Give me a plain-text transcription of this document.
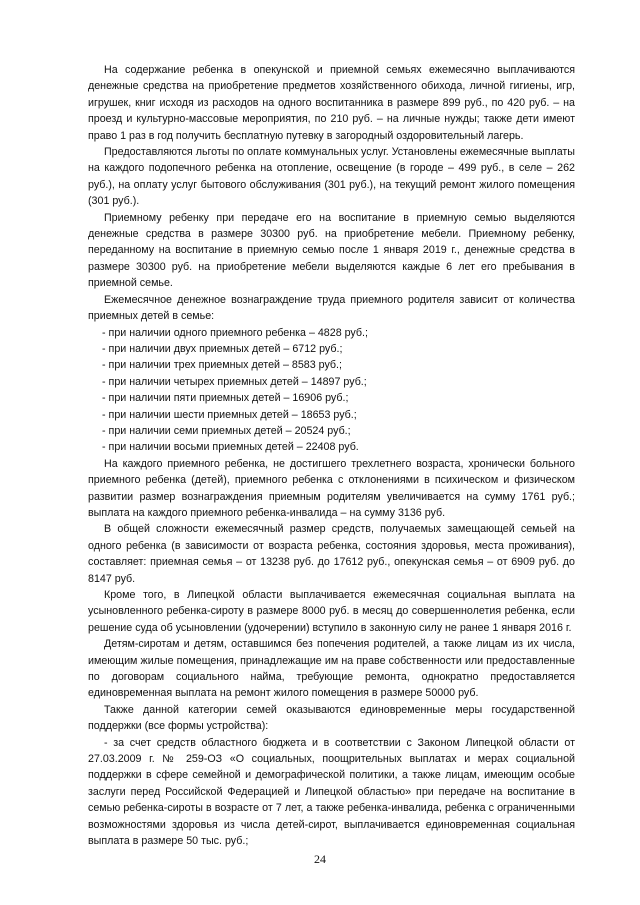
На содержание ребенка в опекунской и приемной семьях ежемесячно выплачиваются денежные средства на приобретение предметов хозяйственного обихода, личной гигиены, игр, игрушек, книг исходя из расходов на одного воспитанника в размере 899 руб., по 420 руб. – на проезд и культурно-массовые мероприятия, по 210 руб. – на личные нужды; также дети имеют право 1 раз в год получить бесплатную путевку в загородный оздоровительный лагерь.

Предоставляются льготы по оплате коммунальных услуг. Установлены ежемесячные выплаты на каждого подопечного ребенка на отопление, освещение (в городе – 499 руб., в селе – 262 руб.), на оплату услуг бытового обслуживания (301 руб.), на текущий ремонт жилого помещения (301 руб.).

Приемному ребенку при передаче его на воспитание в приемную семью выделяются денежные средства в размере 30300 руб. на приобретение мебели. Приемному ребенку, переданному на воспитание в приемную семью после 1 января 2019 г., денежные средства в размере 30300 руб. на приобретение мебели выделяются каждые 6 лет его пребывания в приемной семье.

Ежемесячное денежное вознаграждение труда приемного родителя зависит от количества приемных детей в семье:

- при наличии одного приемного ребенка – 4828 руб.;

- при наличии двух приемных детей – 6712 руб.;

- при наличии трех приемных детей – 8583 руб.;

- при наличии четырех приемных детей – 14897 руб.;

- при наличии пяти приемных детей – 16906 руб.;

- при наличии шести приемных детей – 18653 руб.;

- при наличии семи приемных детей – 20524 руб.;

- при наличии восьми приемных детей – 22408 руб.

На каждого приемного ребенка, не достигшего трехлетнего возраста, хронически больного приемного ребенка (детей), приемного ребенка с отклонениями в психическом и физическом развитии размер вознаграждения приемным родителям увеличивается на сумму 1761 руб.; выплата на каждого приемного ребенка-инвалида – на сумму 3136 руб.

В общей сложности ежемесячный размер средств, получаемых замещающей семьей на одного ребенка (в зависимости от возраста ребенка, состояния здоровья, места проживания), составляет: приемная семья – от 13238 руб. до 17612 руб., опекунская семья – от 6909 руб. до 8147 руб.

Кроме того, в Липецкой области выплачивается ежемесячная социальная выплата на усыновленного ребенка-сироту в размере 8000 руб. в месяц до совершеннолетия ребенка, если решение суда об усыновлении (удочерении) вступило в законную силу не ранее 1 января 2016 г.

Детям-сиротам и детям, оставшимся без попечения родителей, а также лицам из их числа, имеющим жилые помещения, принадлежащие им на праве собственности или предоставленные по договорам социального найма, требующие ремонта, однократно предоставляется единовременная выплата на ремонт жилого помещения в размере 50000 руб.

Также данной категории семей оказываются единовременные меры государственной поддержки (все формы устройства):

- за счет средств областного бюджета и в соответствии с Законом Липецкой области от 27.03.2009 г. № 259-ОЗ «О социальных, поощрительных выплатах и мерах социальной поддержки в сфере семейной и демографической политики, а также лицам, имеющим особые заслуги перед Российской Федерацией и Липецкой областью» при передаче на воспитание в семью ребенка-сироты в возрасте от 7 лет, а также ребенка-инвалида, ребенка с ограниченными возможностями здоровья из числа детей-сирот, выплачивается единовременная социальная выплата в размере 50 тыс. руб.;

24
